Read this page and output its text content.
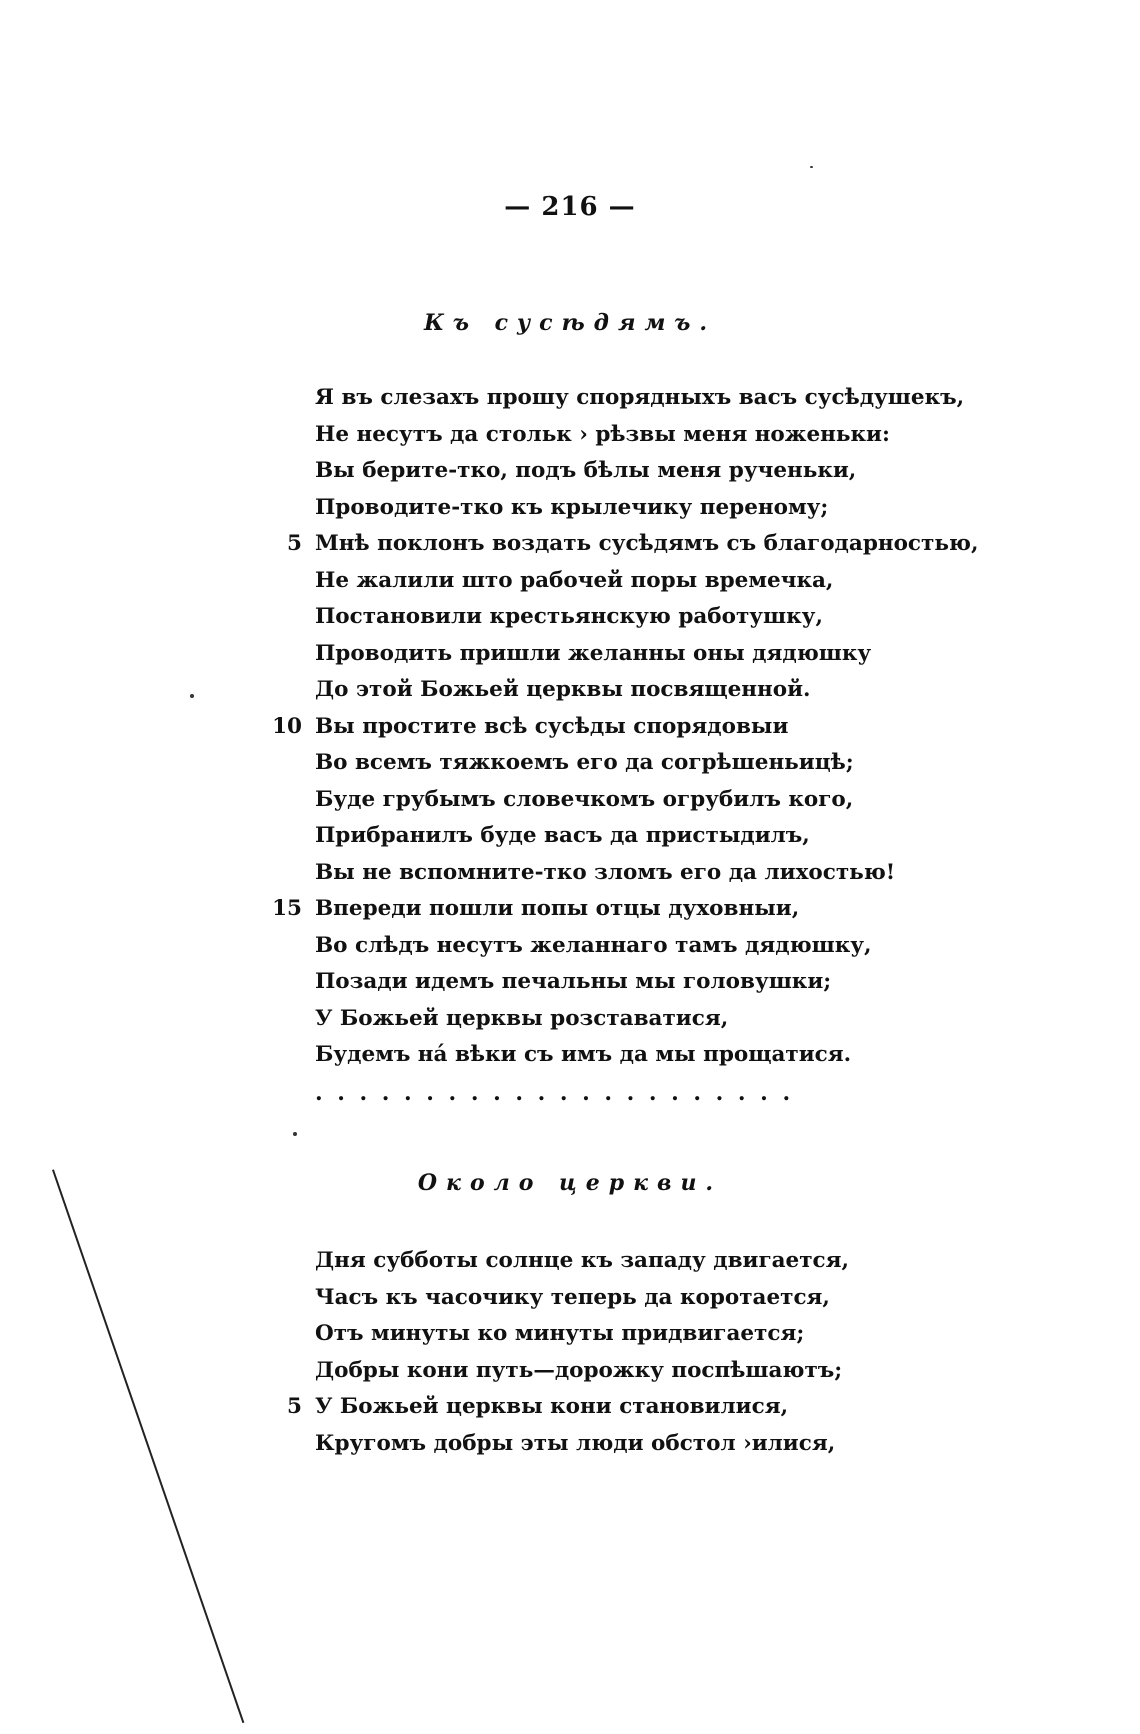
— 216 —
Къ сусѣдямъ.
Я въ слезахъ прошу спорядныхъ васъ сусѣдушекъ,
Не несутъ да стольк › рѣзвы меня ноженьки:
Вы берите-тко, подъ бѣлы меня рученьки,
Проводите-тко къ крылечику переному;
5 Мнѣ поклонъ воздать сусѣдямъ съ благодарностью,
Не жалили што рабочей поры времечка,
Постановили крестьянскую работушку,
Проводить пришли желанны оны дядюшку
До этой Божьей церквы посвященной.
10 Вы простите всѣ сусѣды спорядовыи
Во всемъ тяжкоемъ его да согрѣшеньицѣ;
Буде грубымъ словечкомъ огрубилъ кого,
Прибранилъ буде васъ да пристыдилъ,
Вы не вспомните-тко зломъ его да лихостью!
15 Впереди пошли попы отцы духовныи,
Во слѣдъ несутъ желаннаго тамъ дядюшку,
Позади идемъ печальны мы головушки;
У Божьей церквы розставатися,
Будемъ на́ вѣки съ имъ да мы прощатися.
......................
Около церкви.
Дня субботы солнце къ западу двигается,
Часъ къ часочику теперь да коротается,
Отъ минуты ко минуты придвигается;
Добры кони путь—дорожку поспѣшаютъ;
5 У Божьей церквы кони становилися,
Кругомъ добры эты люди обстол ›илися,
